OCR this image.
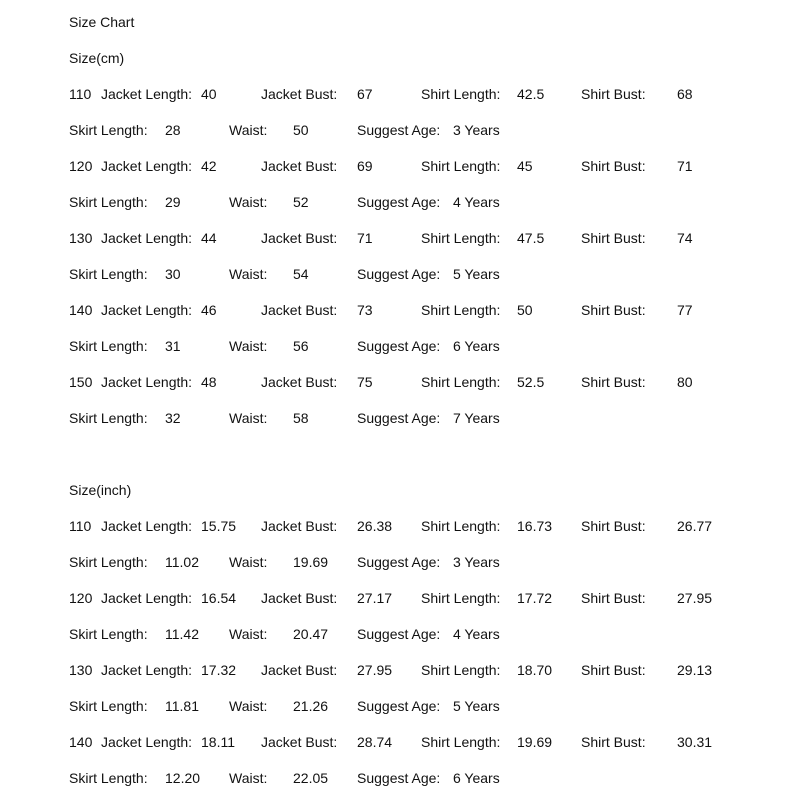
Size Chart
Size(cm)
110 Jacket Length: 40	Jacket Bust: 67	Shirt Length: 42.5	Shirt Bust: 68
Skirt Length: 28	Waist: 50	Suggest Age: 3 Years
120 Jacket Length: 42	Jacket Bust: 69	Shirt Length: 45	Shirt Bust: 71
Skirt Length: 29	Waist: 52	Suggest Age: 4 Years
130 Jacket Length: 44	Jacket Bust: 71	Shirt Length: 47.5	Shirt Bust: 74
Skirt Length: 30	Waist: 54	Suggest Age: 5 Years
140 Jacket Length: 46	Jacket Bust: 73	Shirt Length: 50	Shirt Bust: 77
Skirt Length: 31	Waist: 56	Suggest Age: 6 Years
150 Jacket Length: 48	Jacket Bust: 75	Shirt Length: 52.5	Shirt Bust: 80
Skirt Length: 32	Waist: 58	Suggest Age: 7 Years
Size(inch)
110 Jacket Length: 15.75 Jacket Bust: 26.38 Shirt Length: 16.73 Shirt Bust: 26.77
Skirt Length: 11.02 Waist: 19.69 Suggest Age: 3 Years
120 Jacket Length: 16.54 Jacket Bust: 27.17 Shirt Length: 17.72 Shirt Bust: 27.95
Skirt Length: 11.42 Waist: 20.47 Suggest Age: 4 Years
130 Jacket Length: 17.32 Jacket Bust: 27.95 Shirt Length: 18.70 Shirt Bust: 29.13
Skirt Length: 11.81 Waist: 21.26 Suggest Age: 5 Years
140 Jacket Length: 18.11 Jacket Bust: 28.74 Shirt Length: 19.69 Shirt Bust: 30.31
Skirt Length: 12.20 Waist: 22.05 Suggest Age: 6 Years
